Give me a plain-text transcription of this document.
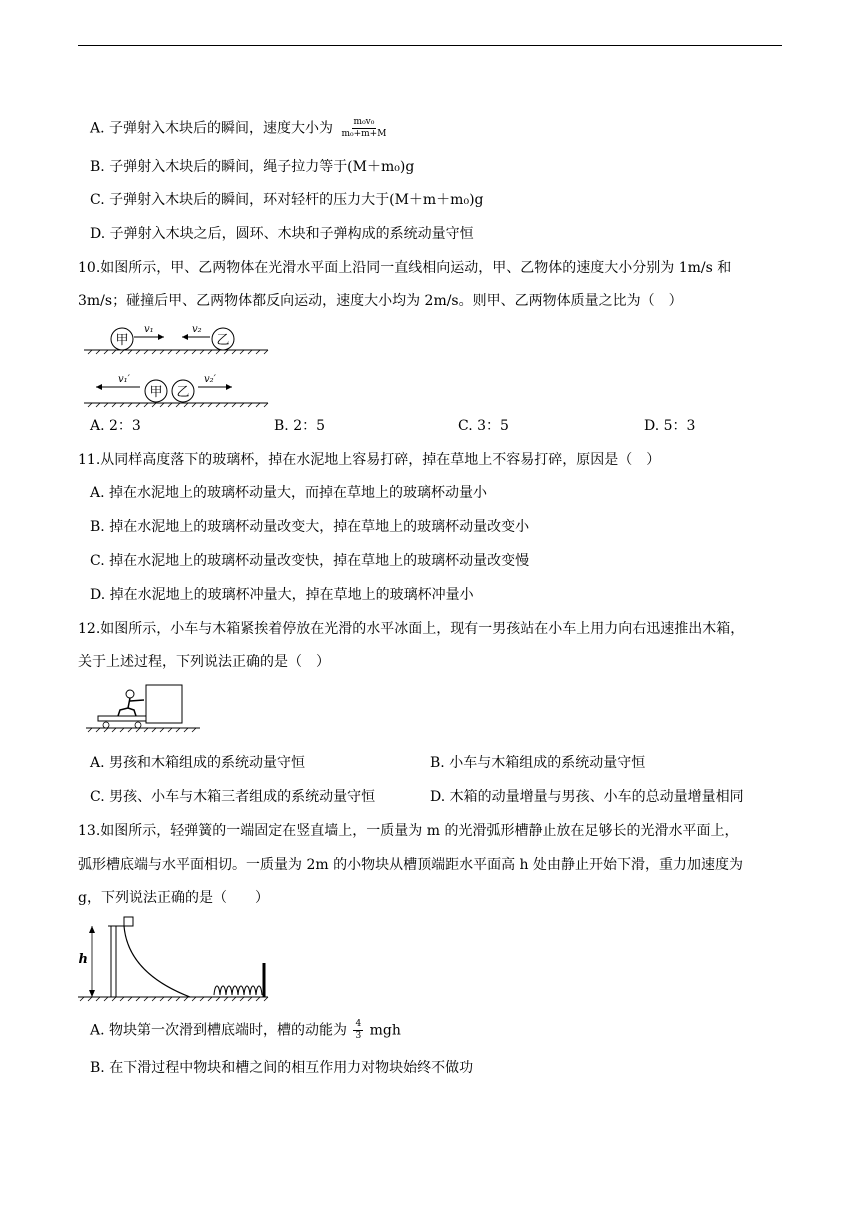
A. 子弹射入木块后的瞬间，速度大小为 $\frac{\text{m₀v₀}}{\text{m₀+m+M}}$
B. 子弹射入木块后的瞬间，绳子拉力等于(M＋m₀)g
C. 子弹射入木块后的瞬间，环对轻杆的压力大于(M＋m＋m₀)g
D. 子弹射入木块之后，圆环、木块和子弹构成的系统动量守恒
10.如图所示，甲、乙两物体在光滑水平面上沿同一直线相向运动，甲、乙物体的速度大小分别为 1m/s 和
3m/s；碰撞后甲、乙两物体都反向运动，速度大小均为 2m/s。则甲、乙两物体质量之比为（　）
甲
v₁	v₂
乙
v₁′
甲 乙
v₂′
A. 2：3	B. 2：5	C. 3：5	D. 5：3
11.从同样高度落下的玻璃杯，掉在水泥地上容易打碎，掉在草地上不容易打碎，原因是（　）
A. 掉在水泥地上的玻璃杯动量大，而掉在草地上的玻璃杯动量小
B. 掉在水泥地上的玻璃杯动量改变大，掉在草地上的玻璃杯动量改变小
C. 掉在水泥地上的玻璃杯动量改变快，掉在草地上的玻璃杯动量改变慢
D. 掉在水泥地上的玻璃杯冲量大，掉在草地上的玻璃杯冲量小
12.如图所示，小车与木箱紧挨着停放在光滑的水平冰面上，现有一男孩站在小车上用力向右迅速推出木箱，
关于上述过程，下列说法正确的是（　）
A. 男孩和木箱组成的系统动量守恒	B. 小车与木箱组成的系统动量守恒
C. 男孩、小车与木箱三者组成的系统动量守恒	D. 木箱的动量增量与男孩、小车的总动量增量相同
13.如图所示，轻弹簧的一端固定在竖直墙上，一质量为 m 的光滑弧形槽静止放在足够长的光滑水平面上，
弧形槽底端与水平面相切。一质量为 2m 的小物块从槽顶端距水平面高 h 处由静止开始下滑，重力加速度为
g，下列说法正确的是（　　）
h
A. 物块第一次滑到槽底端时，槽的动能为 $\frac{4}{3}$ mgh
B. 在下滑过程中物块和槽之间的相互作用力对物块始终不做功
